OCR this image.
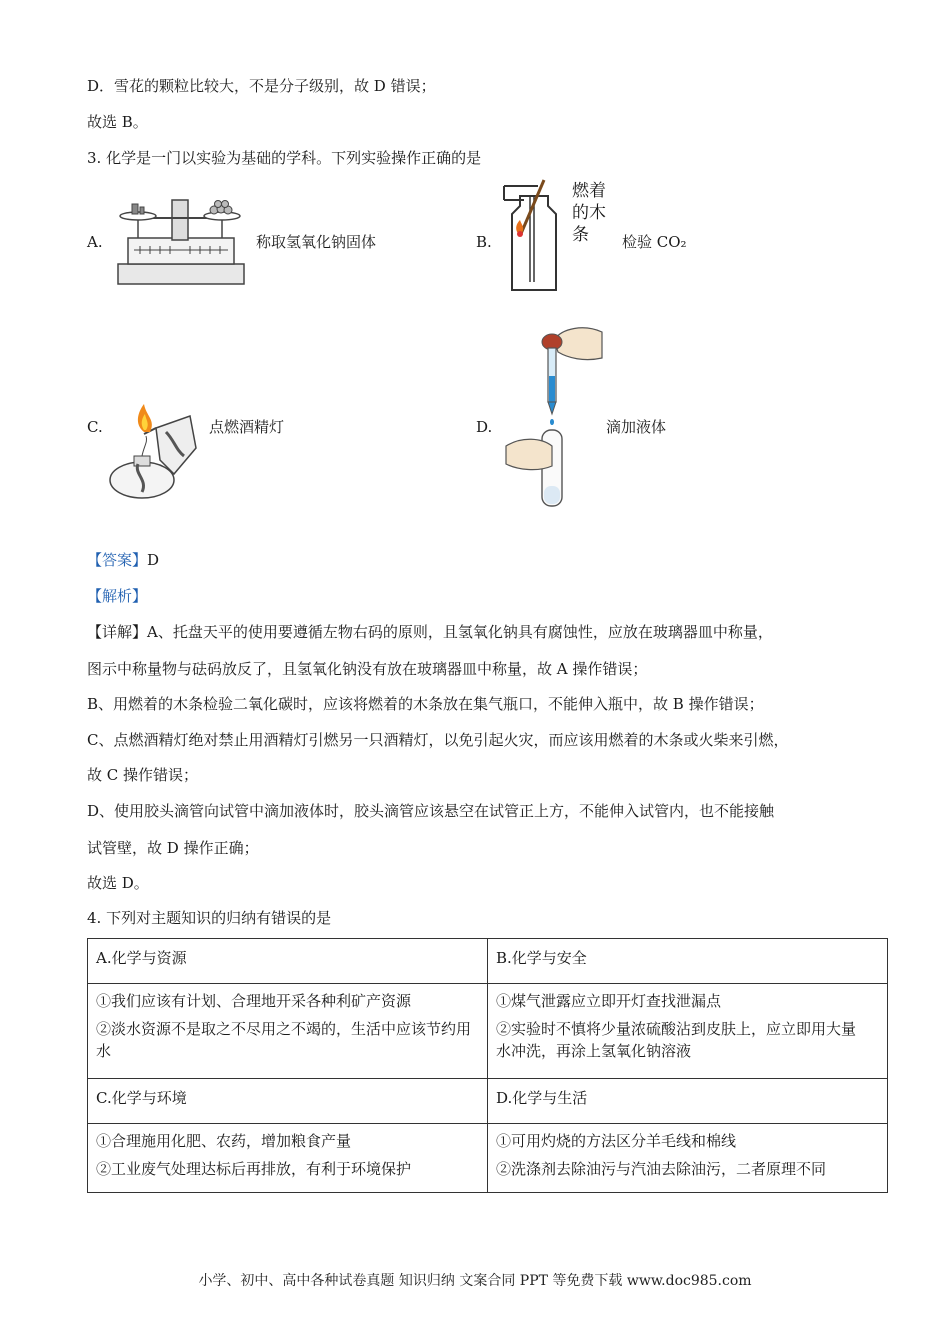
D．雪花的颗粒比较大，不是分子级别，故 D 错误；
故选 B。
3. 化学是一门以实验为基础的学科。下列实验操作正确的是
A.	称取氢氧化钠固体	B.
燃着的木条	检验 CO₂
C.	点燃酒精灯	D.	滴加液体
【答案】D
【解析】
【详解】A、托盘天平的使用要遵循左物右码的原则，且氢氧化钠具有腐蚀性，应放在玻璃器皿中称量，
图示中称量物与砝码放反了，且氢氧化钠没有放在玻璃器皿中称量，故 A 操作错误；
B、用燃着的木条检验二氧化碳时，应该将燃着的木条放在集气瓶口，不能伸入瓶中，故 B 操作错误；
C、点燃酒精灯绝对禁止用酒精灯引燃另一只酒精灯，以免引起火灾，而应该用燃着的木条或火柴来引燃，
故 C 操作错误；
D、使用胶头滴管向试管中滴加液体时，胶头滴管应该悬空在试管正上方，不能伸入试管内，也不能接触
试管壁，故 D 操作正确；
故选 D。
4. 下列对主题知识的归纳有错误的是
A.化学与资源	B.化学与安全

①我们应该有计划、合理地开采各种利矿产资源
②淡水资源不是取之不尽用之不竭的，生活中应该节约用水	①煤气泄露应立即开灯查找泄漏点
②实验时不慎将少量浓硫酸沾到皮肤上，应立即用大量　水冲洗，再涂上氢氧化钠溶液

C.化学与环境	D.化学与生活

①合理施用化肥、农药，增加粮食产量
②工业废气处理达标后再排放，有利于环境保护	①可用灼烧的方法区分羊毛线和棉线
②洗涤剂去除油污与汽油去除油污，二者原理不同
小学、初中、高中各种试卷真题 知识归纳 文案合同 PPT 等免费下载 www.doc985.com
